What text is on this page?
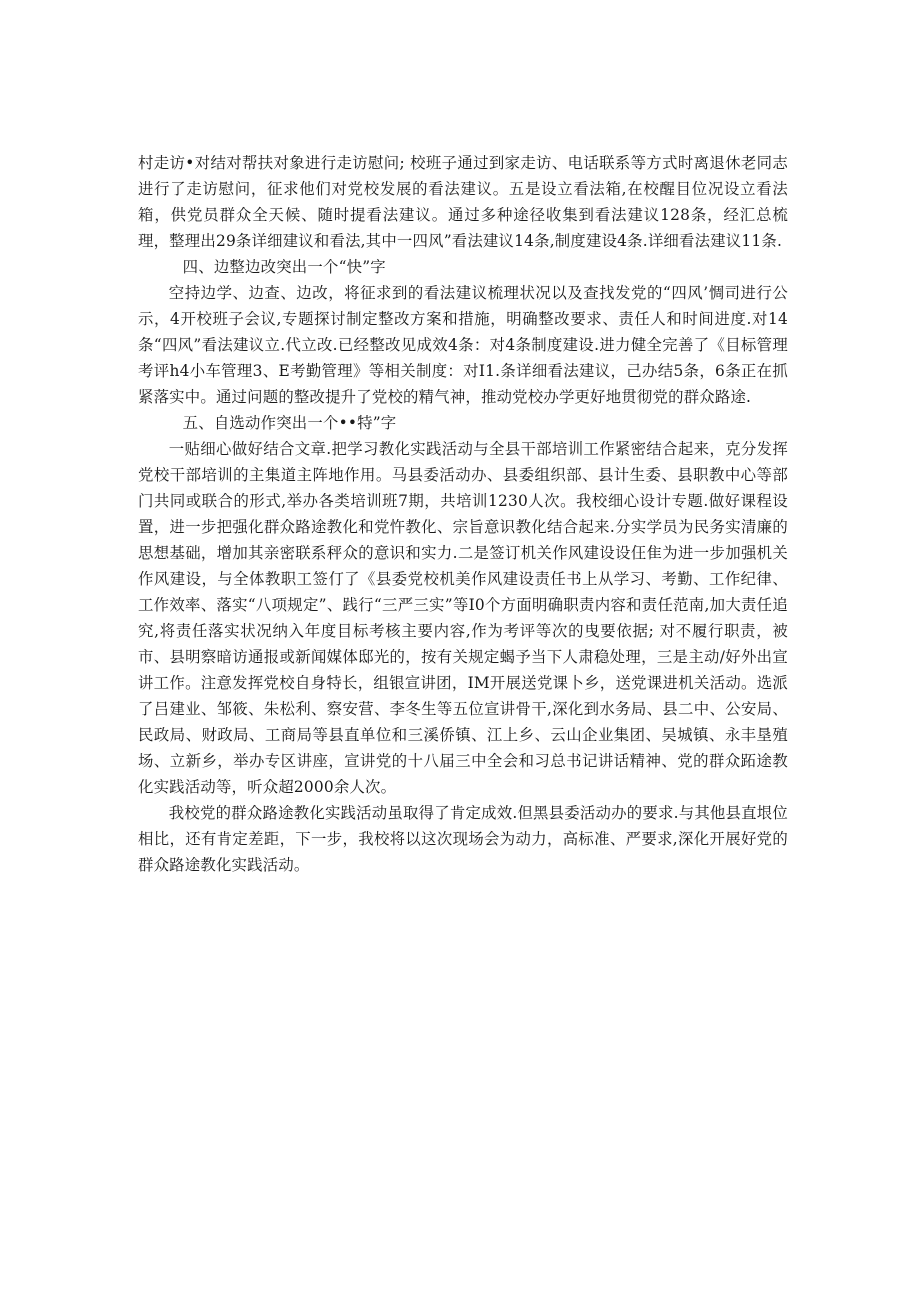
村走访•对结对帮扶对象进行走访慰问; 校班子通过到家走访、电话联系等方式时离退休老同志进行了走访慰问，征求他们对党校发展的看法建议。五是设立看法箱,在校醒目位况设立看法箱，供党员群众全天候、随时提看法建议。通过多种途径收集到看法建议128条，经汇总梳理，整理出29条详细建议和看法,其中一四风”看法建议14条,制度建设4条.详细看法建议11条.

四、边整边改突出一个“快”字

空持边学、边查、边改，将征求到的看法建议梳理状况以及查找发党的“四风’惆司进行公示，4开校班子会议,专题探讨制定整改方案和措施，明确整改要求、责任人和时间进度.对14条“四风”看法建议立.代立改.已经整改见成效4条：对4条制度建设.进力健全完善了《目标管理考评h4小车管理3、E考勤管理》等相关制度：对I1.条详细看法建议，己办结5条，6条正在抓紧落实中。通过问题的整改提升了党校的精气神，推动党校办学更好地贯彻党的群众路途.

五、自选动作突出一个••特”字

一贴细心做好结合文章.把学习教化实践活动与全县干部培训工作紧密结合起来，克分发挥党校干部培训的主集道主阵地作用。马县委活动办、县委组织部、县计生委、县职教中心等部门共同或联合的形式,举办各类培训班7期，共培训1230人次。我校细心设计专题.做好课程设置，进一步把强化群众路途教化和党忤教化、宗旨意识教化结合起来.分实学员为民务实清廉的思想基础，增加其亲密联系秤众的意识和实力.二是签订机关作风建设设仼隹为进一步加强机关作风建设，与全体教职工签仃了《县委党校机美作风建设责任书上从学习、考勤、工作纪律、工作效率、落实“八项规定”、践行“三严三实”等I0个方面明确职责内容和责任范南,加大责任追究,将责任落实状况纳入年度目标考核主要内容,作为考评等次的曳要依据; 对不履行职责，被市、县明察暗访通报或新闻媒体邸光的，按有关规定蝎予当下人肃稳处理，三是主动/好外出宣讲工作。注意发挥党校自身特长，组银宣讲团，IM开展送党课卜乡，送党课进机关活动。选派了吕建业、邹筱、朱松利、察安营、李冬生等五位宣讲骨干,深化到水务局、县二中、公安局、民政局、财政局、工商局等县直单位和三溪侨镇、江上乡、云山企业集团、吴城镇、永丰垦殖场、立新乡，举办专区讲座，宣讲党的十八届三中全会和习总书记讲话精神、党的群众跖途教化实践活动等，听众超2000余人次。

我校党的群众路途教化实践活动虽取得了肯定成效.但黑县委活动办的要求.与其他县直垠位相比，还有肯定差距，下一步，我校将以这次现场会为动力，高标准、严要求,深化开展好党的群众路途教化实践活动。
